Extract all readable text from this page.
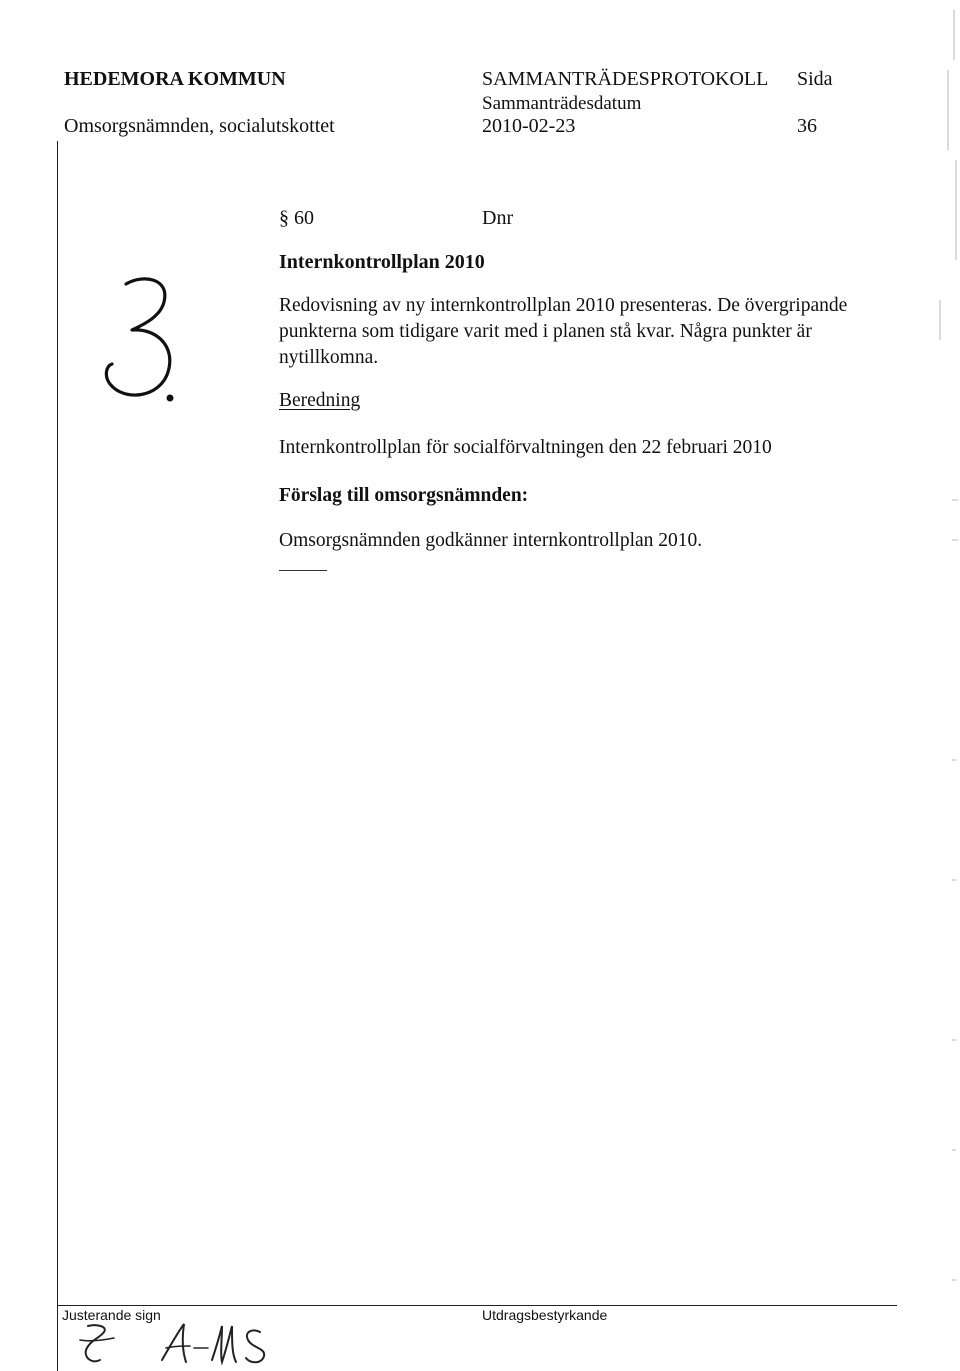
HEDEMORA KOMMUN	SAMMANTRÄDESPROTOKOLL Sida
Sammanträdesdatum
Omsorgsnämnden, socialutskottet	2010-02-23	36
§ 60	Dnr
Internkontrollplan 2010
Redovisning av ny internkontrollplan 2010 presenteras. De övergripande
punkterna som tidigare varit med i planen stå kvar. Några punkter är
nytillkomna.
Beredning
Internkontrollplan för socialförvaltningen den 22 februari 2010
Förslag till omsorgsnämnden:
Omsorgsnämnden godkänner internkontrollplan 2010.
Justerande sign	Utdragsbestyrkande
